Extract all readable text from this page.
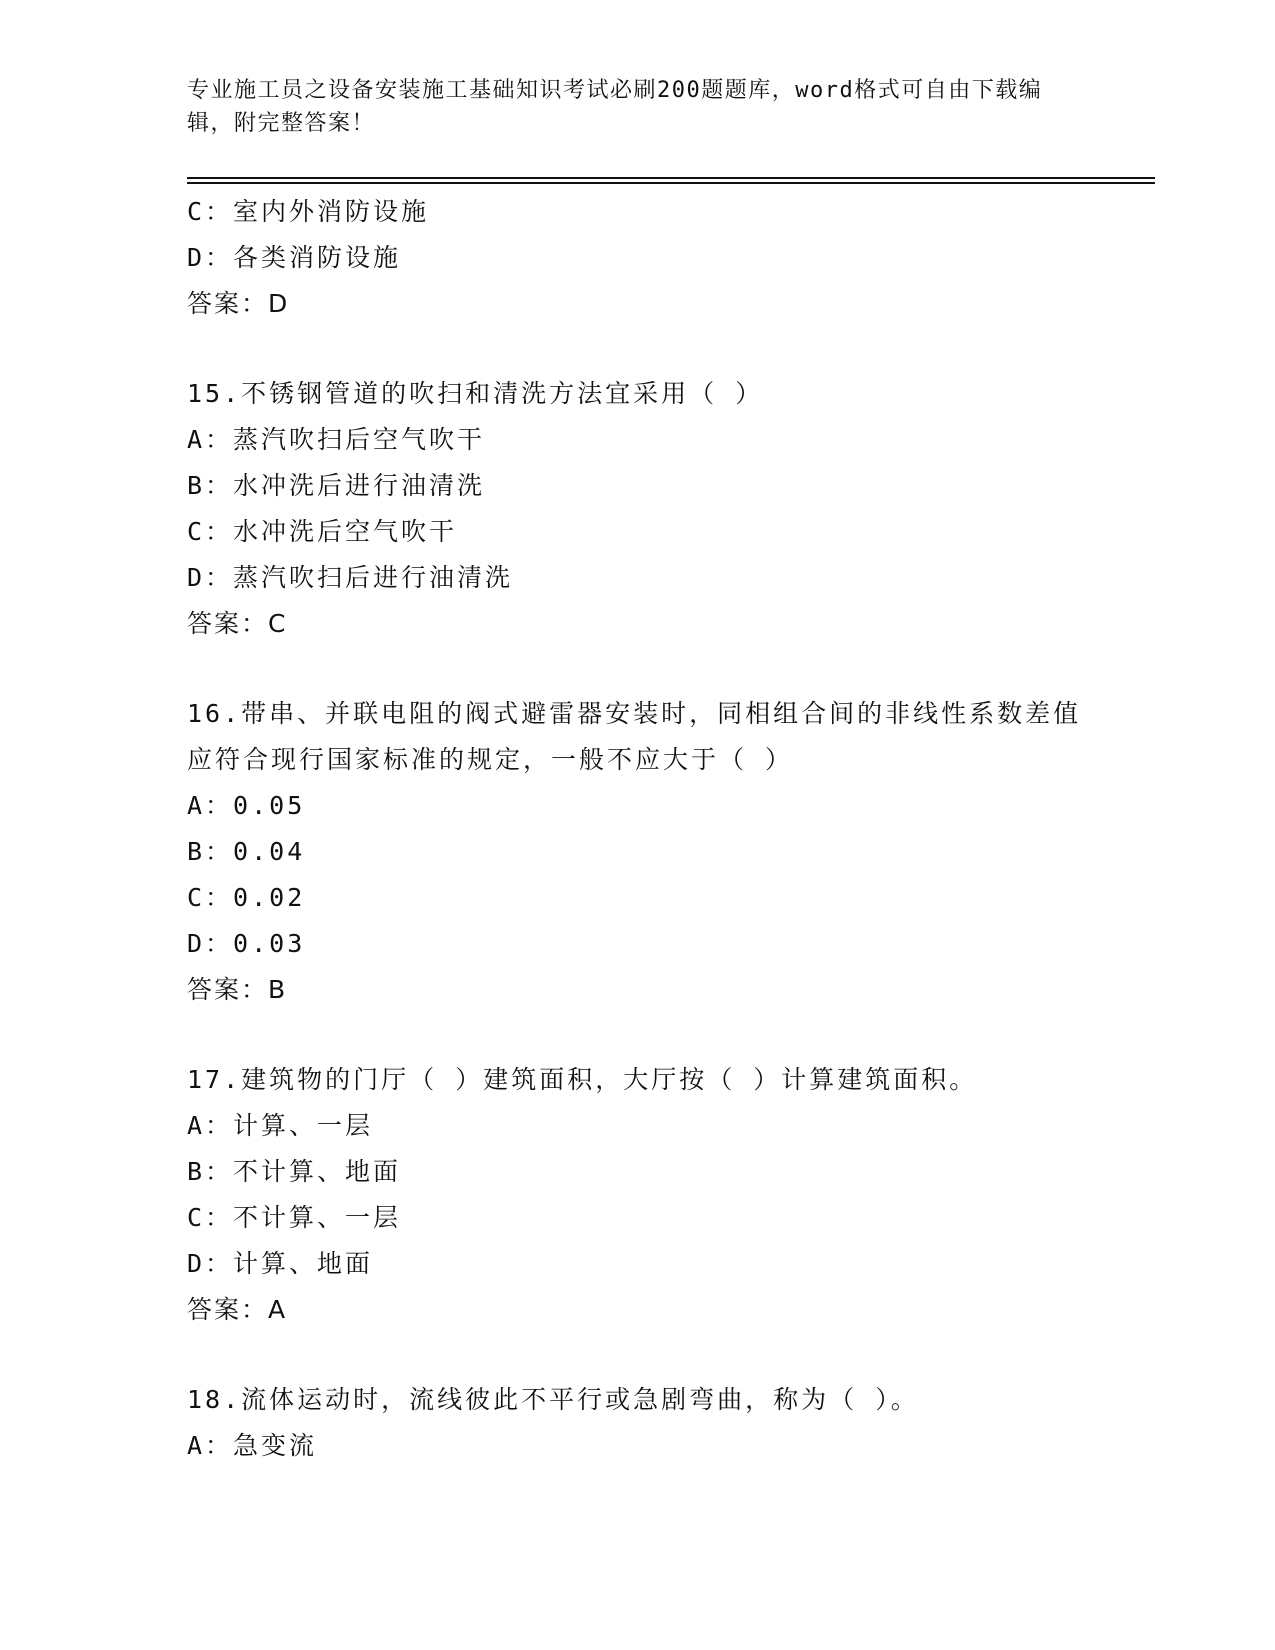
专业施工员之设备安装施工基础知识考试必刷200题题库，word格式可自由下载编辑，附完整答案！
C：室内外消防设施
D：各类消防设施
答案：D
15.不锈钢管道的吹扫和清洗方法宜采用（ ）
A：蒸汽吹扫后空气吹干
B：水冲洗后进行油清洗
C：水冲洗后空气吹干
D：蒸汽吹扫后进行油清洗
答案：C
16.带串、并联电阻的阀式避雷器安装时，同相组合间的非线性系数差值应符合现行国家标准的规定，一般不应大于（ ）
A：0.05
B：0.04
C：0.02
D：0.03
答案：B
17.建筑物的门厅（ ）建筑面积，大厅按（ ）计算建筑面积。
A：计算、一层
B：不计算、地面
C：不计算、一层
D：计算、地面
答案：A
18.流体运动时，流线彼此不平行或急剧弯曲，称为（ ）。
A：急变流
